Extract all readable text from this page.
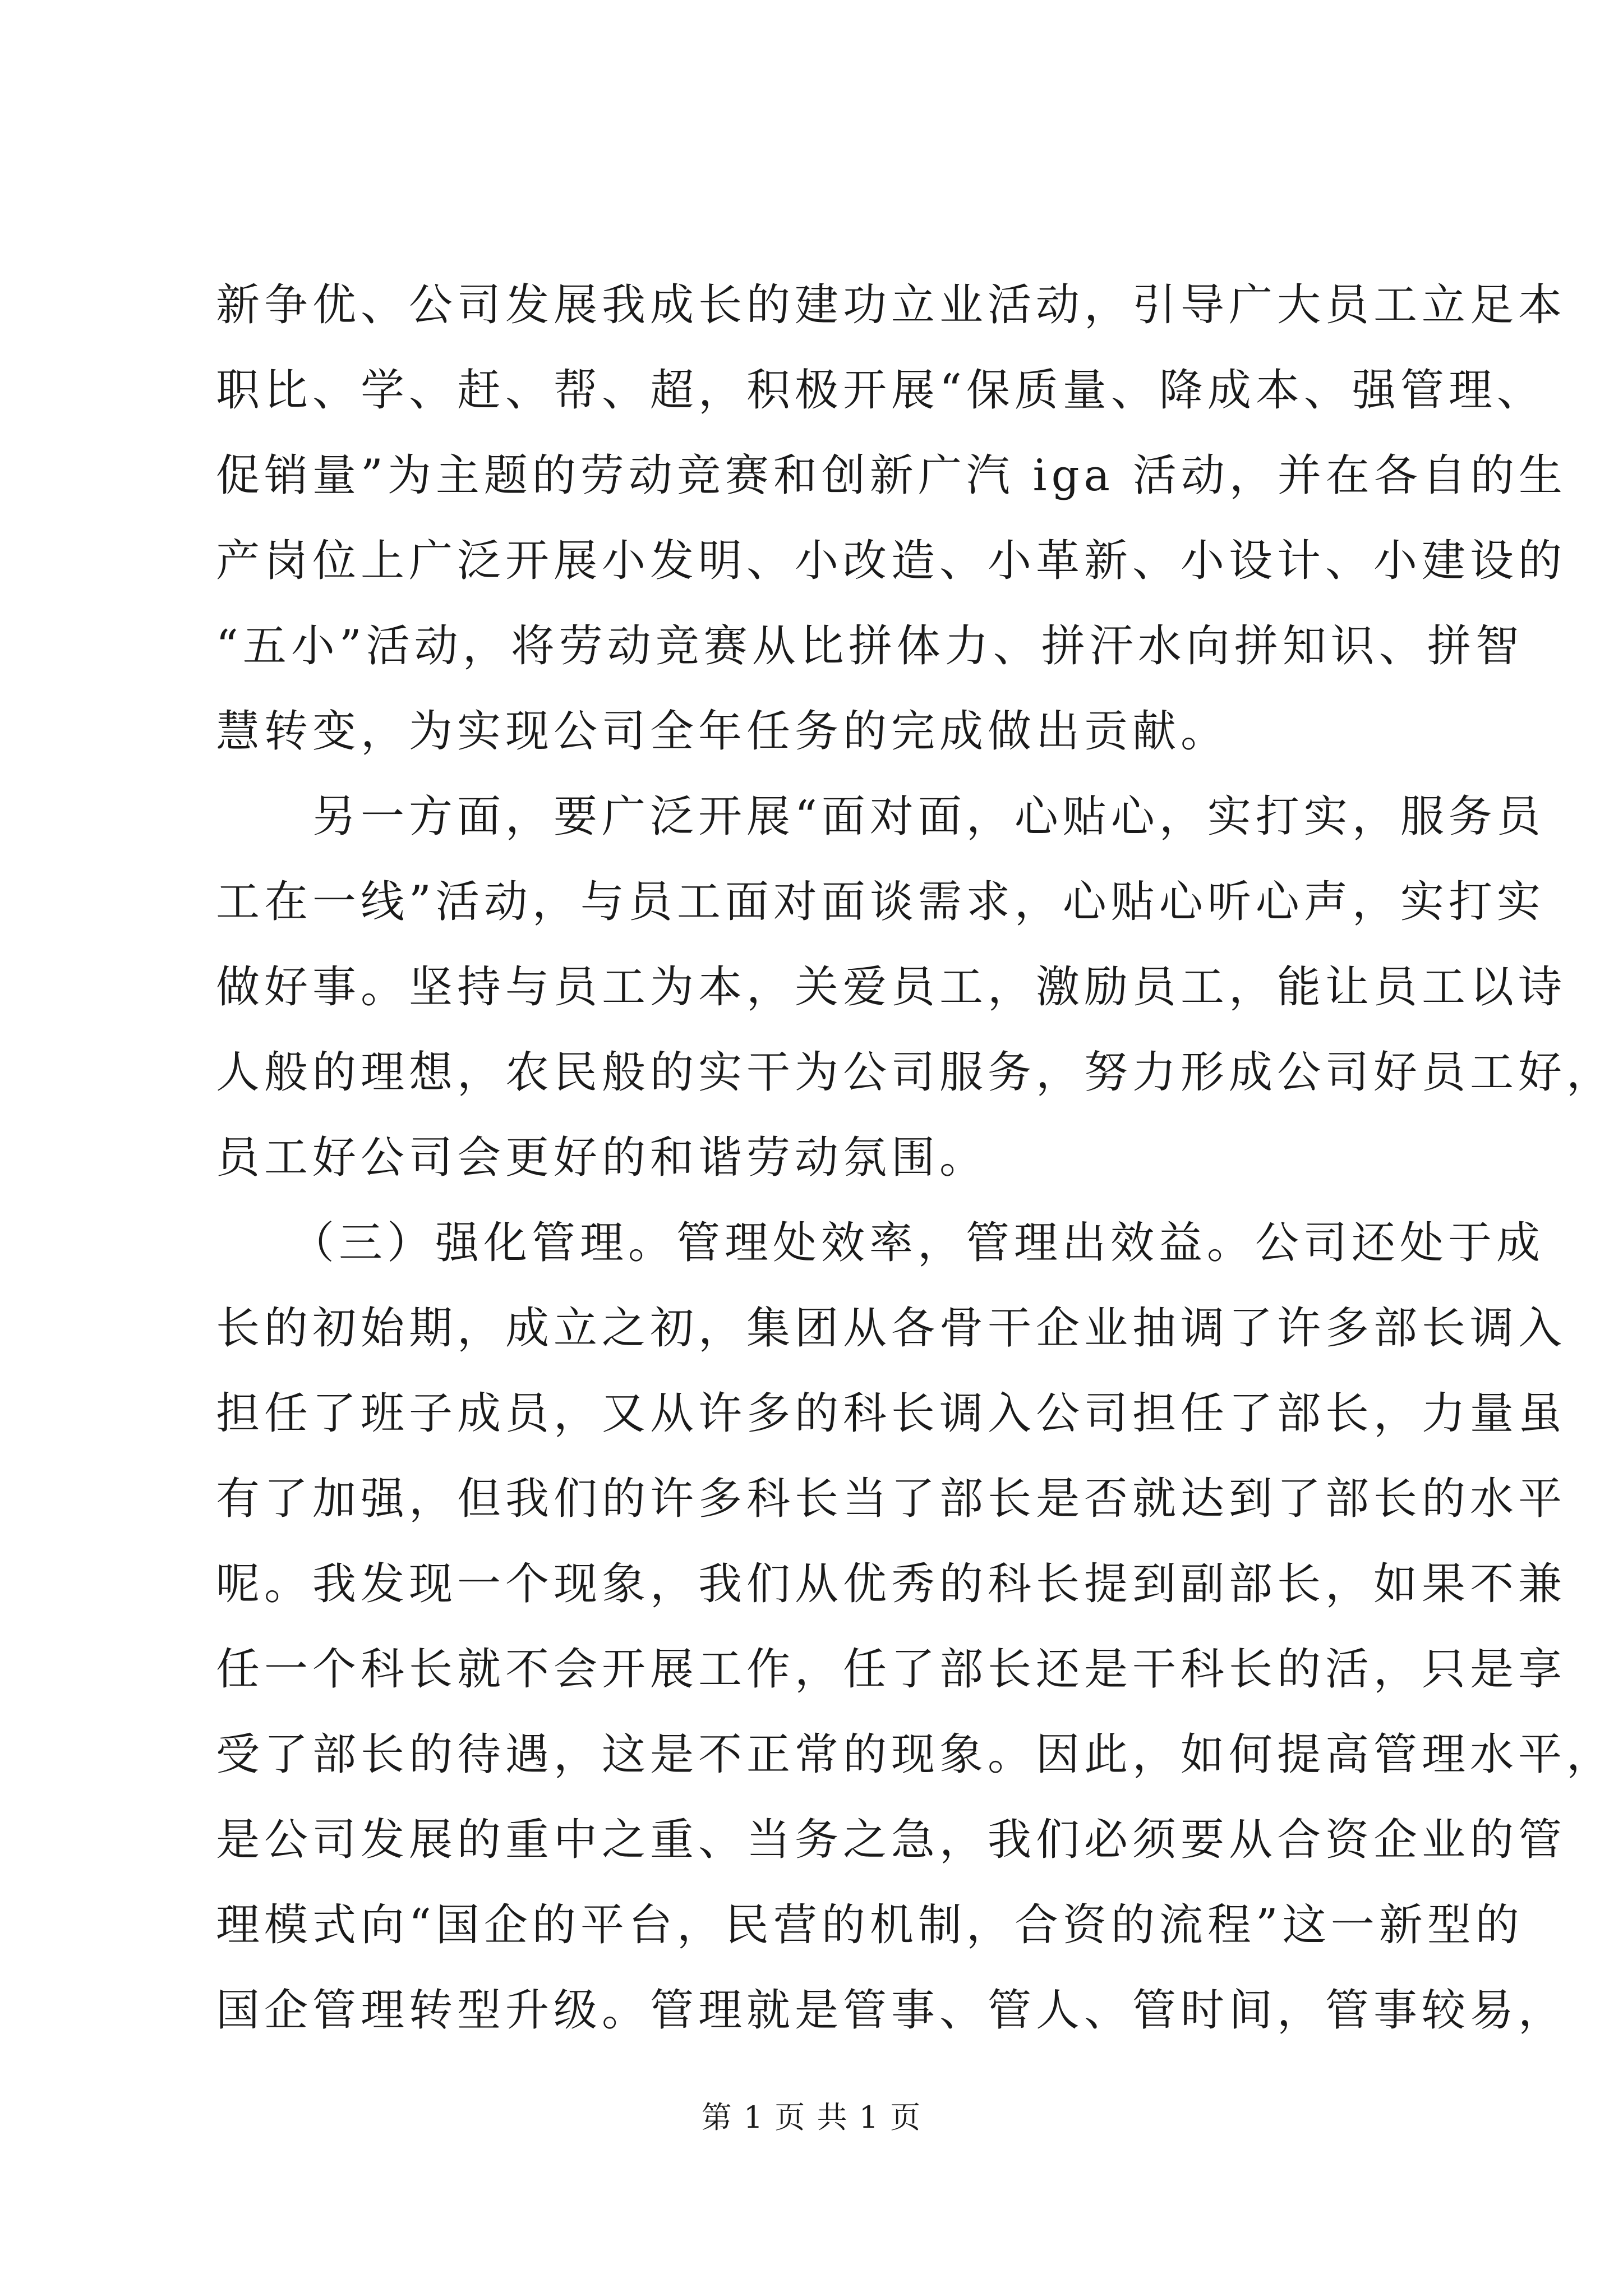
新争优、公司发展我成长的建功立业活动，引导广大员工立足本
职比、学、赶、帮、超，积极开展“保质量、降成本、强管理、
促销量”为主题的劳动竞赛和创新广汽 iga 活动，并在各自的生
产岗位上广泛开展小发明、小改造、小革新、小设计、小建设的
“五小”活动，将劳动竞赛从比拼体力、拼汗水向拼知识、拼智
慧转变，为实现公司全年任务的完成做出贡献。
　　另一方面，要广泛开展“面对面，心贴心，实打实，服务员
工在一线”活动，与员工面对面谈需求，心贴心听心声，实打实
做好事。坚持与员工为本，关爱员工，激励员工，能让员工以诗
人般的理想，农民般的实干为公司服务，努力形成公司好员工好，
员工好公司会更好的和谐劳动氛围。
　　（三）强化管理。管理处效率，管理出效益。公司还处于成
长的初始期，成立之初，集团从各骨干企业抽调了许多部长调入
担任了班子成员，又从许多的科长调入公司担任了部长，力量虽
有了加强，但我们的许多科长当了部长是否就达到了部长的水平
呢。我发现一个现象，我们从优秀的科长提到副部长，如果不兼
任一个科长就不会开展工作，任了部长还是干科长的活，只是享
受了部长的待遇，这是不正常的现象。因此，如何提高管理水平，
是公司发展的重中之重、当务之急，我们必须要从合资企业的管
理模式向“国企的平台，民营的机制，合资的流程”这一新型的
国企管理转型升级。管理就是管事、管人、管时间，管事较易，
第 1 页 共 1 页
